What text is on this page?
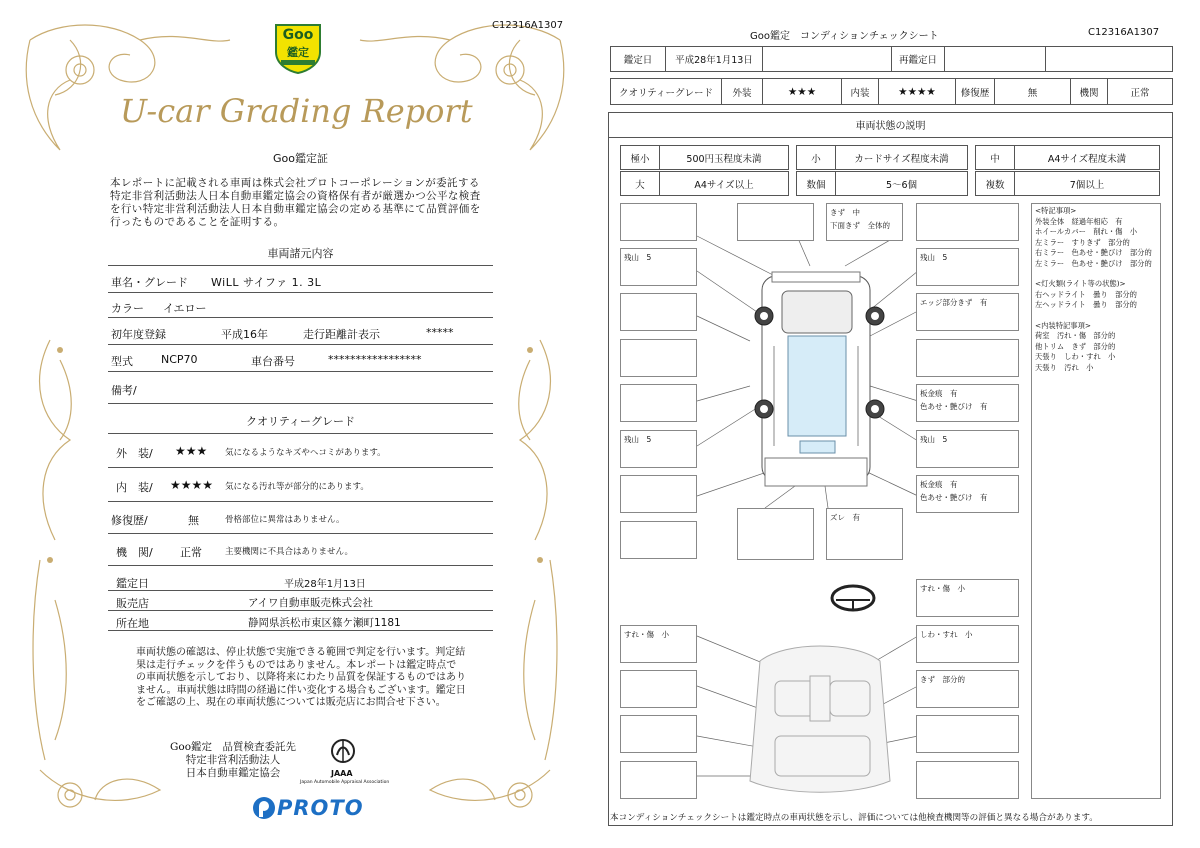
C12316A1307
Goo
鑑定
U-car Grading Report
Goo鑑定証
本レポートに記載される車両は株式会社プロトコーポレーションが委託する特定非営利活動法人日本自動車鑑定協会の資格保有者が厳選かつ公平な検査を行い特定非営利活動法人日本自動車鑑定協会の定める基準にて品質評価を行ったものであることを証明する。
車両諸元内容
車名・グレード WiLL サイファ 1. 3L
カラー イエロー
初年度登録	平成16年	走行距離計表示	*****
型式	NCP70	車台番号	*****************
備考/
クオリティーグレード
外　装/ ★★★ 気になるようなキズやヘコミがあります。
内　装/ ★★★★ 気になる汚れ等が部分的にあります。
修復歴/	無	骨格部位に異常はありません。
機　関/ 正常	主要機関に不具合はありません。
鑑定日	平成28年1月13日
販売店	アイワ自動車販売株式会社
所在地	静岡県浜松市東区篠ケ瀬町1181
車両状態の確認は、停止状態で実施できる範囲で判定を行います。判定結果は走行チェックを伴うものではありません。本レポートは鑑定時点での車両状態を示しており、以降将来にわたり品質を保証するものではありません。車両状態は時間の経過に伴い変化する場合もございます。鑑定日をご確認の上、現在の車両状態については販売店にお問合せ下さい。
Goo鑑定　品質検査委託先
特定非営利活動法人
日本自動車鑑定協会	JAAA
Japan Automobile Appraisal Association
PROTO
Goo鑑定　コンディションチェックシート	C12316A1307
鑑定日	平成28年1月13日	再鑑定日
クオリティーグレード	外装	★★★	内装	★★★★	修復歴	無	機関	正常
車両状態の説明
極小	500円玉程度未満	小	カードサイズ程度未満	中	A4サイズ程度未満
大	A4サイズ以上	数個	5〜6個	複数	7個以上
残山　5
残山　5
すれ・傷　小
きず　中
下面きず　全体的
ズレ　有
残山　5
エッジ部分きず　有
板金痕　有
色あせ・艶びけ　有
残山　5
板金痕　有
色あせ・艶びけ　有
すれ・傷　小
しわ・すれ　小
きず　部分的
<特記事項>
外装全体　経過年相応　有
ホイールカバー　削れ・傷　小
左ミラー　すりきず　部分的
右ミラー　色あせ・艶びけ　部分的
左ミラー　色あせ・艶びけ　部分的
<灯火類(ライト等の状態)>
右ヘッドライト　曇り　部分的
左ヘッドライト　曇り　部分的
<内装特記事項>
荷室　汚れ・傷　部分的
他トリム　きず　部分的
天張り　しわ・すれ　小
天張り　汚れ　小
本コンディションチェックシートは鑑定時点の車両状態を示し、評価については他検査機関等の評価と異なる場合があります。
